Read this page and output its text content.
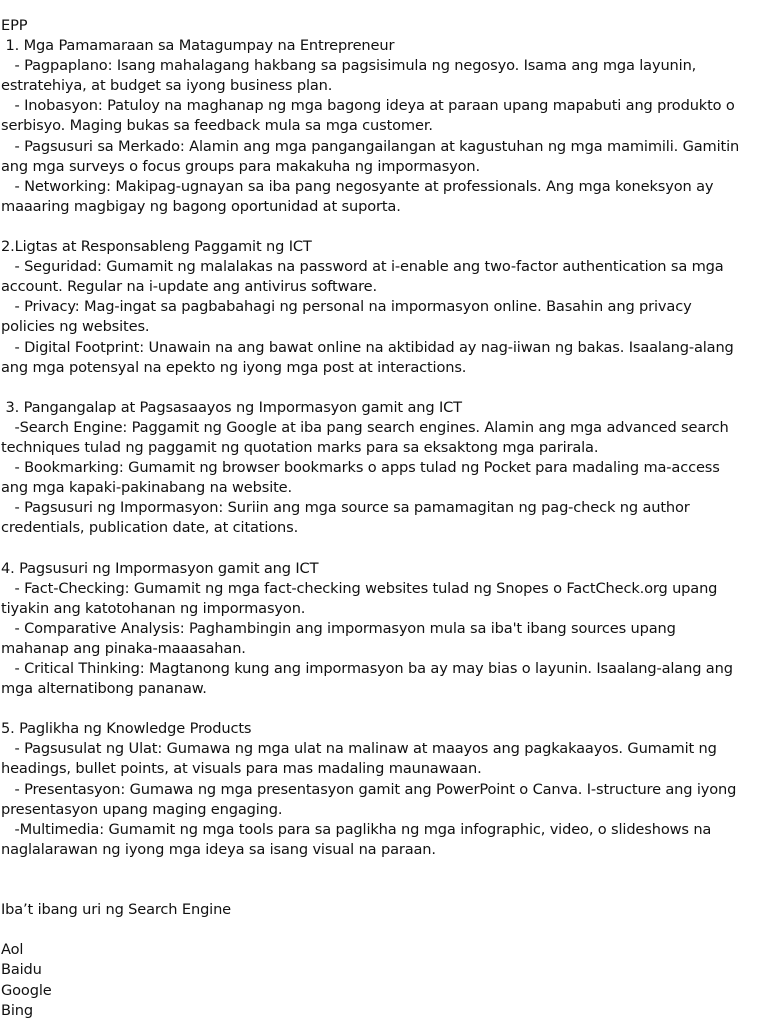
EPP
1. Mga Pamamaraan sa Matagumpay na Entrepreneur
- Pagpaplano: Isang mahalagang hakbang sa pagsisimula ng negosyo. Isama ang mga layunin,
estratehiya, at budget sa iyong business plan.
- Inobasyon: Patuloy na maghanap ng mga bagong ideya at paraan upang mapabuti ang produkto o
serbisyo. Maging bukas sa feedback mula sa mga customer.
- Pagsusuri sa Merkado: Alamin ang mga pangangailangan at kagustuhan ng mga mamimili. Gamitin
ang mga surveys o focus groups para makakuha ng impormasyon.
- Networking: Makipag-ugnayan sa iba pang negosyante at professionals. Ang mga koneksyon ay
maaaring magbigay ng bagong oportunidad at suporta.
2.Ligtas at Responsableng Paggamit ng ICT
- Seguridad: Gumamit ng malalakas na password at i-enable ang two-factor authentication sa mga
account. Regular na i-update ang antivirus software.
- Privacy: Mag-ingat sa pagbabahagi ng personal na impormasyon online. Basahin ang privacy
policies ng websites.
- Digital Footprint: Unawain na ang bawat online na aktibidad ay nag-iiwan ng bakas. Isaalang-alang
ang mga potensyal na epekto ng iyong mga post at interactions.
3. Pangangalap at Pagsasaayos ng Impormasyon gamit ang ICT
-Search Engine: Paggamit ng Google at iba pang search engines. Alamin ang mga advanced search
techniques tulad ng paggamit ng quotation marks para sa eksaktong mga parirala.
- Bookmarking: Gumamit ng browser bookmarks o apps tulad ng Pocket para madaling ma-access
ang mga kapaki-pakinabang na website.
- Pagsusuri ng Impormasyon: Suriin ang mga source sa pamamagitan ng pag-check ng author
credentials, publication date, at citations.
4. Pagsusuri ng Impormasyon gamit ang ICT
- Fact-Checking: Gumamit ng mga fact-checking websites tulad ng Snopes o FactCheck.org upang
tiyakin ang katotohanan ng impormasyon.
- Comparative Analysis: Paghambingin ang impormasyon mula sa iba't ibang sources upang
mahanap ang pinaka-maaasahan.
- Critical Thinking: Magtanong kung ang impormasyon ba ay may bias o layunin. Isaalang-alang ang
mga alternatibong pananaw.
5. Paglikha ng Knowledge Products
- Pagsusulat ng Ulat: Gumawa ng mga ulat na malinaw at maayos ang pagkakaayos. Gumamit ng
headings, bullet points, at visuals para mas madaling maunawaan.
- Presentasyon: Gumawa ng mga presentasyon gamit ang PowerPoint o Canva. I-structure ang iyong
presentasyon upang maging engaging.
-Multimedia: Gumamit ng mga tools para sa paglikha ng mga infographic, video, o slideshows na
naglalarawan ng iyong mga ideya sa isang visual na paraan.
Iba’t ibang uri ng Search Engine
Aol
Baidu
Google
Bing
